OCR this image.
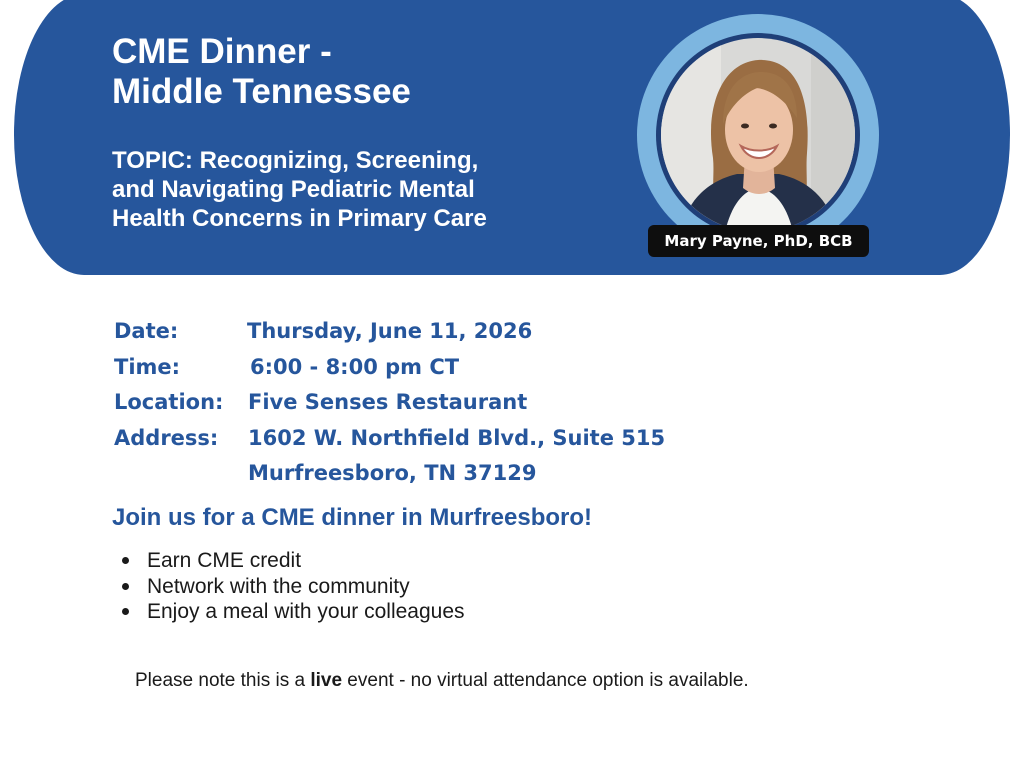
CME Dinner -
Middle Tennessee
TOPIC: Recognizing, Screening,
and Navigating Pediatric Mental
Health Concerns in Primary Care
Mary Payne, PhD, BCB
Date:	Thursday, June 11, 2026
Time:	6:00 - 8:00 pm CT
Location: Five Senses Restaurant
Address: 1602 W. Northfield Blvd., Suite 515
Murfreesboro, TN 37129
Join us for a CME dinner in Murfreesboro!
Earn CME credit
Network with the community
Enjoy a meal with your colleagues

Please note this is a live event - no virtual attendance option is available.
